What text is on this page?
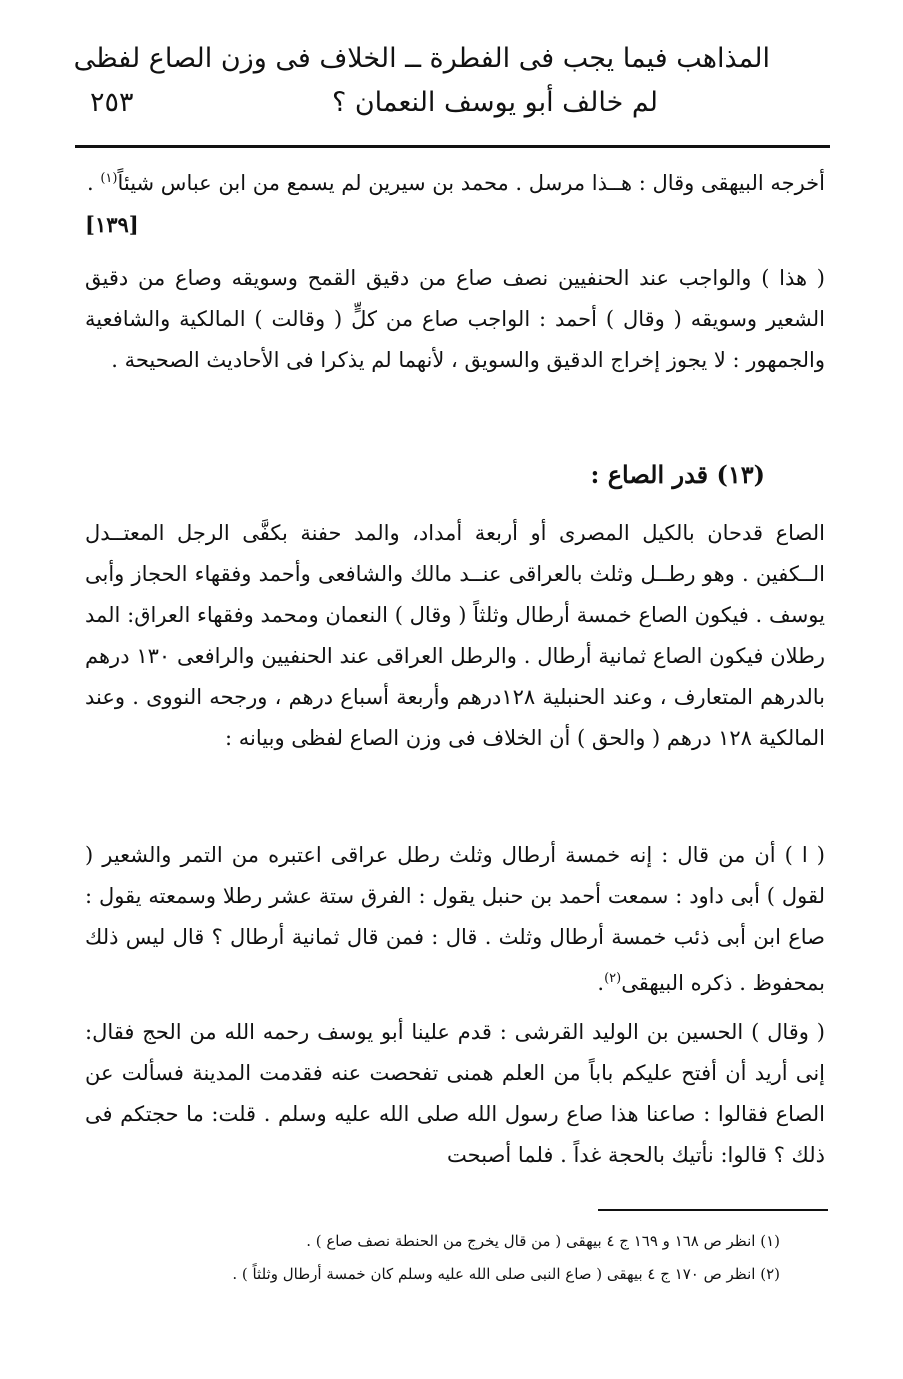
المذاهب فيما يجب فى الفطرة ــ الخلاف فى وزن الصاع لفظى
لم خالف أبو يوسف النعمان ؟
٢٥٣

أخرجه البيهقى وقال : هــذا مرسل . محمد بن سيرين لم يسمع من ابن عباس شيئاً$^{(١)}$ .
[١٣٩]

( هذا ) والواجب عند الحنفيين نصف صاع من دقيق القمح وسويقه وصاع من دقيق الشعير وسويقه ( وقال ) أحمد : الواجب صاع من كلٍّ ( وقالت ) المالكية والشافعية والجمهور : لا يجوز إخراج الدقيق والسويق ، لأنهما لم يذكرا فى الأحاديث الصحيحة .

(١٣) قدر الصاع :

الصاع قدحان بالكيل المصرى أو أربعة أمداد، والمد حفنة بكفَّى الرجل المعتــدل الــكفين . وهو رطــل وثلث بالعراقى عنــد مالك والشافعى وأحمد وفقهاء الحجاز وأبى يوسف . فيكون الصاع خمسة أرطال وثلثاً ( وقال ) النعمان ومحمد وفقهاء العراق: المد رطلان فيكون الصاع ثمانية أرطال . والرطل العراقى عند الحنفيين والرافعى ١٣٠ درهم بالدرهم المتعارف ، وعند الحنبلية ١٢٨درهم وأربعة أسباع درهم ، ورجحه النووى . وعند المالكية ١٢٨ درهم ( والحق ) أن الخلاف فى وزن الصاع لفظى وبيانه :

( ا ) أن من قال : إنه خمسة أرطال وثلث رطل عراقى اعتبره من التمر والشعير ( لقول ) أبى داود : سمعت أحمد بن حنبل يقول : الفرق ستة عشر رطلا وسمعته يقول : صاع ابن أبى ذئب خمسة أرطال وثلث . قال : فمن قال ثمانية أرطال ؟ قال ليس ذلك بمحفوظ . ذكره البيهقى$^{(٢)}$.

( وقال ) الحسين بن الوليد القرشى : قدم علينا أبو يوسف رحمه الله من الحج فقال: إنى أريد أن أفتح عليكم باباً من العلم همنى تفحصت عنه فقدمت المدينة فسألت عن الصاع فقالوا : صاعنا هذا صاع رسول الله صلى الله عليه وسلم . قلت: ما حجتكم فى ذلك ؟ قالوا: نأتيك بالحجة غداً . فلما أصبحت

(١) انظر ص ١٦٨ و ١٦٩ ج ٤ بيهقى ( من قال يخرج من الحنطة نصف صاع ) .
(٢) انظر ص ١٧٠ ج ٤ بيهقى ( صاع النبى صلى الله عليه وسلم كان خمسة أرطال وثلثاً ) .
